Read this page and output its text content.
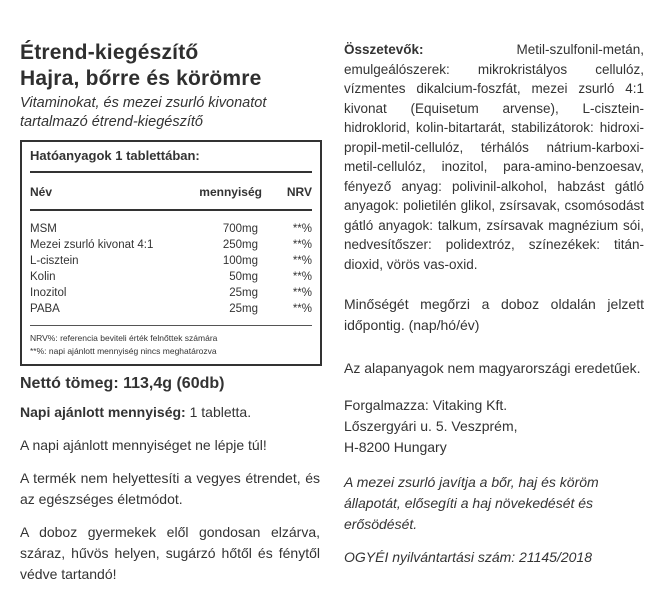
Étrend-kiegészítő
Hajra, bőrre és körömre
Vitaminokat, és mezei zsurló kivonatot tartalmazó étrend-kiegészítő
Hatóanyagok 1 tablettában:
Név	mennyiség	NRV
MSM	700mg	**%
Mezei zsurló kivonat 4:1	250mg	**%
L-cisztein	100mg	**%
Kolin	50mg	**%
Inozitol	25mg	**%
PABA	25mg	**%
NRV%: referencia beviteli érték felnőttek számára
**%: napi ajánlott mennyiség nincs meghatározva
Nettó tömeg: 113,4g (60db)
Napi ajánlott mennyiség: 1 tabletta.
A napi ajánlott mennyiséget ne lépje túl!
A termék nem helyettesíti a vegyes étrendet, és az egészséges életmódot.
A doboz gyermekek elől gondosan elzárva, száraz, hűvös helyen, sugárzó hőtől és fénytől védve tartandó!
Összetevők: Metil-szulfonil-metán, emulgeálószerek: mikrokristályos cellulóz, vízmentes dikalcium-foszfát, mezei zsurló 4:1 kivonat (Equisetum arvense), L-cisztein-hidroklorid, kolin-bitartarát, stabilizátorok: hidroxi-propil-metil-cellulóz, térhálós nátrium-karboxi-metil-cellulóz, inozitol, para-amino-benzoesav, fényező anyag: polivinil-alkohol, habzást gátló anyagok: polietilén glikol, zsírsavak, csomósodást gátló anyagok: talkum, zsírsavak magnézium sói, nedvesítőszer: polidextróz, színezékek: titán-dioxid, vörös vas-oxid.
Minőségét megőrzi a doboz oldalán jelzett időpontig. (nap/hó/év)
Az alapanyagok nem magyarországi eredetűek.
Forgalmazza: Vitaking Kft.
Lőszergyári u. 5. Veszprém,
H-8200 Hungary
A mezei zsurló javítja a bőr, haj és köröm állapotát, elősegíti a haj növekedését és erősödését.
OGYÉI nyilvántartási szám: 21145/2018
